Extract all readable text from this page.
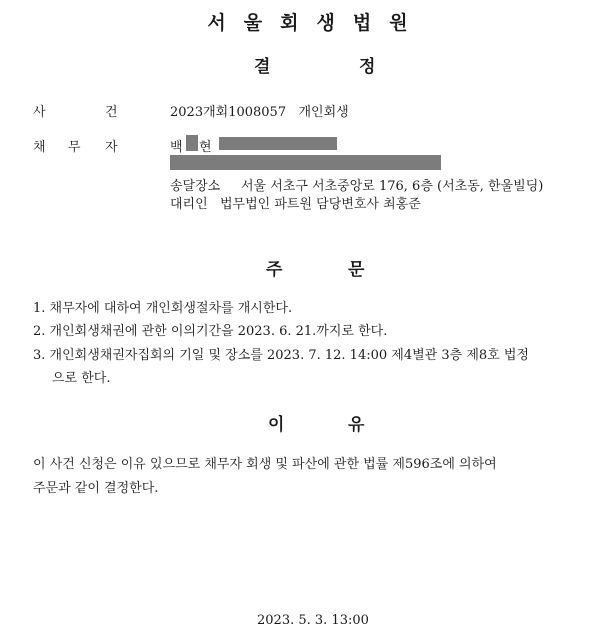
서 울 회 생 법 원
결	정
사	건	2023개회1008057   개인회생
채 무 자	백 현
송달장소 서울 서초구 서초중앙로 176, 6층 (서초동, 한울빌딩)
대리인 법무법인 파트원 담당변호사 최홍준
주	문
1. 채무자에 대하여 개인회생절차를 개시한다.
2. 개인회생채권에 관한 이의기간을 2023. 6. 21.까지로 한다.
3. 개인회생채권자집회의 기일 및 장소를 2023. 7. 12. 14:00 제4별관 3층 제8호 법정
으로 한다.
이	유
이 사건 신청은 이유 있으므로 채무자 회생 및 파산에 관한 법률 제596조에 의하여
주문과 같이 결정한다.
2023. 5. 3. 13:00
